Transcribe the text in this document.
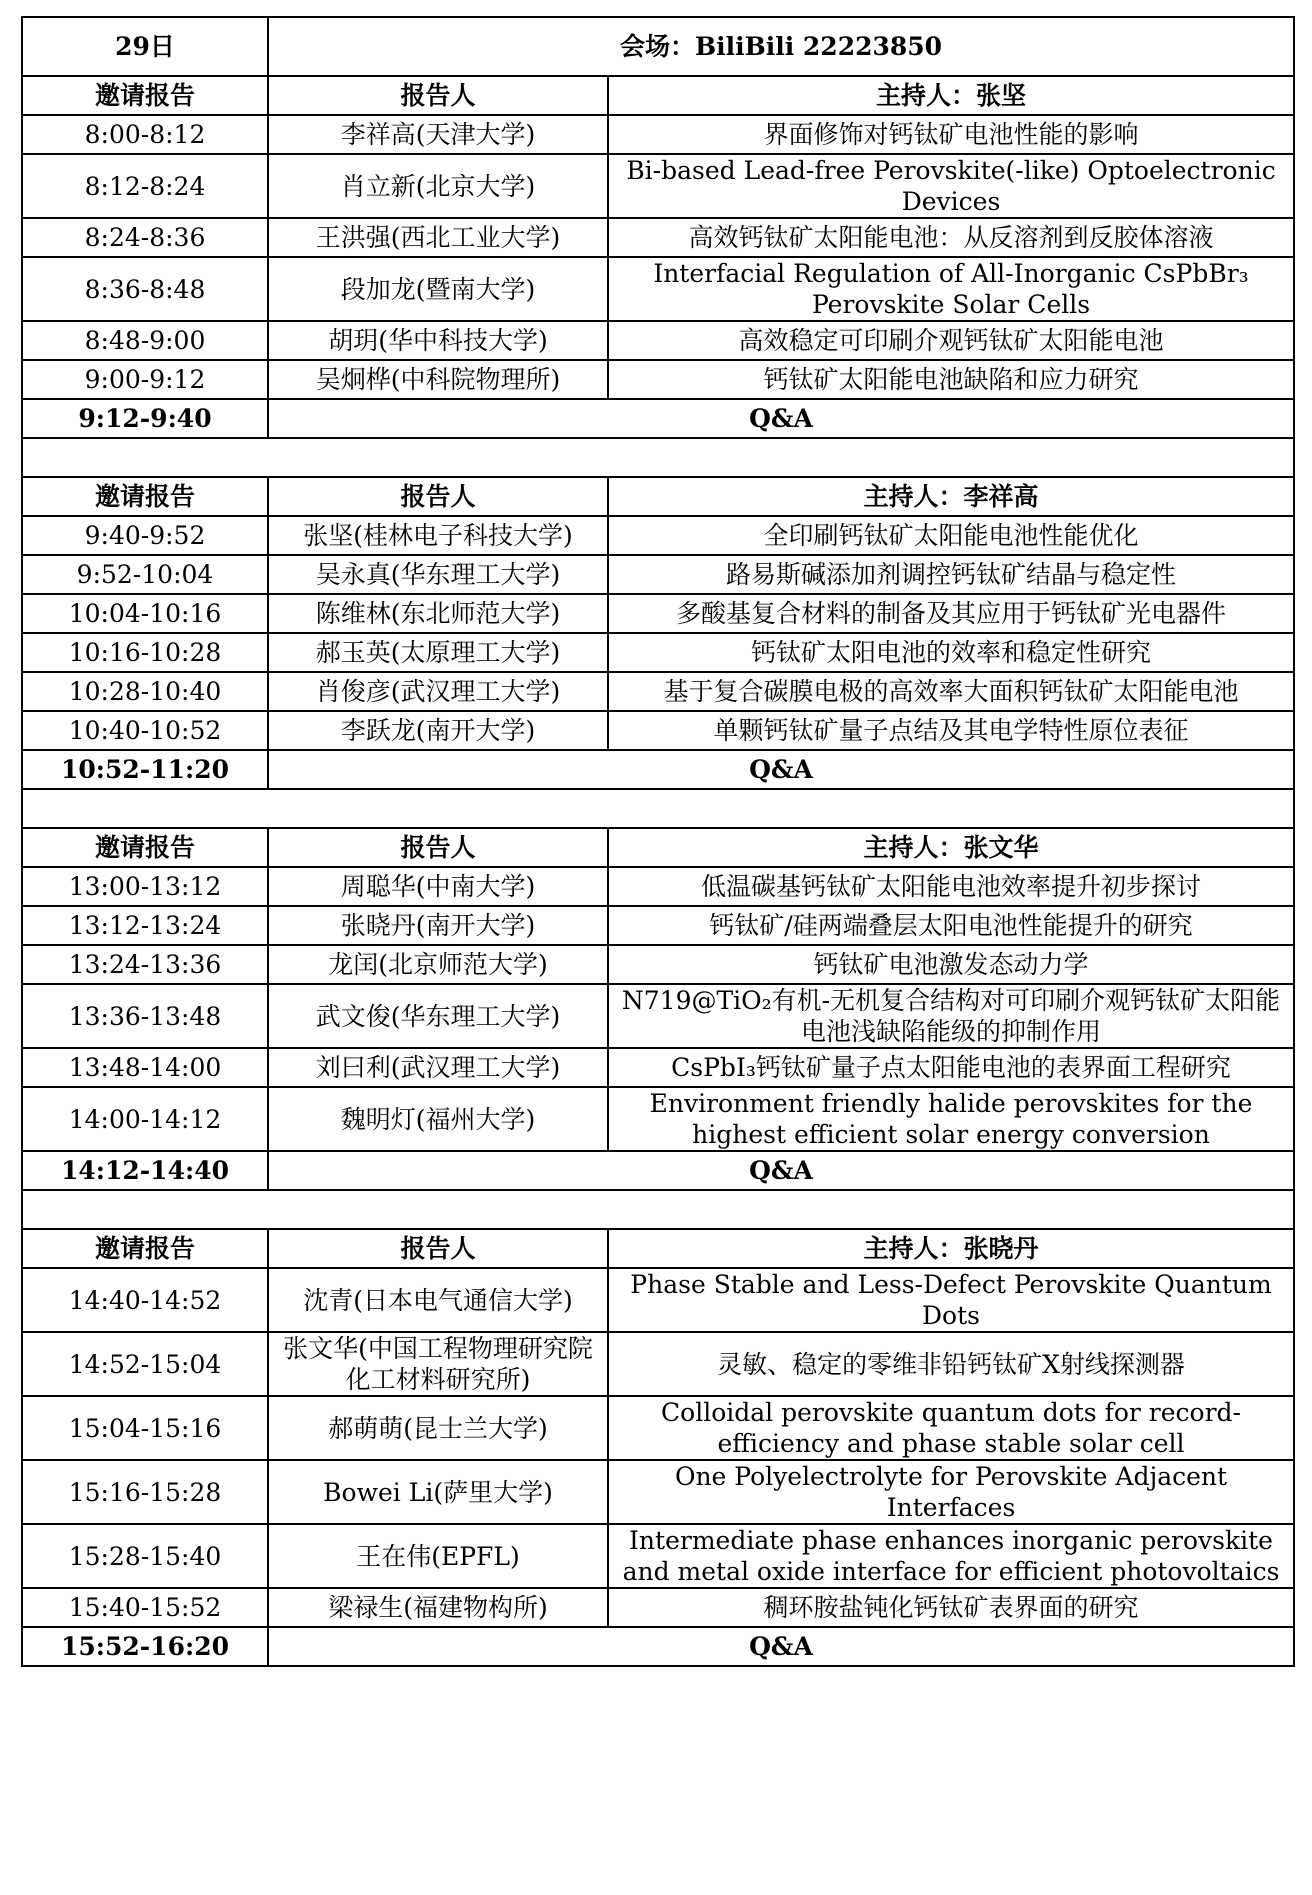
29日	会场：BiliBili 22223850	
邀请报告	报告人	主持人：张坚
8:00-8:12	李祥高(天津大学)	界面修饰对钙钛矿电池性能的影响
8:12-8:24	肖立新(北京大学)	Bi-based Lead-free Perovskite(-like) Optoelectronic Devices
8:24-8:36	王洪强(西北工业大学)	高效钙钛矿太阳能电池：从反溶剂到反胶体溶液
8:36-8:48	段加龙(暨南大学)	Interfacial Regulation of All-Inorganic CsPbBr₃ Perovskite Solar Cells
8:48-9:00	胡玥(华中科技大学)	高效稳定可印刷介观钙钛矿太阳能电池
9:00-9:12	吴炯桦(中科院物理所)	钙钛矿太阳能电池缺陷和应力研究
9:12-9:40	Q&A	

邀请报告	报告人	主持人：李祥高
9:40-9:52	张坚(桂林电子科技大学)	全印刷钙钛矿太阳能电池性能优化
9:52-10:04	吴永真(华东理工大学)	路易斯碱添加剂调控钙钛矿结晶与稳定性
10:04-10:16	陈维林(东北师范大学)	多酸基复合材料的制备及其应用于钙钛矿光电器件
10:16-10:28	郝玉英(太原理工大学)	钙钛矿太阳电池的效率和稳定性研究
10:28-10:40	肖俊彦(武汉理工大学)	基于复合碳膜电极的高效率大面积钙钛矿太阳能电池
10:40-10:52	李跃龙(南开大学)	单颗钙钛矿量子点结及其电学特性原位表征
10:52-11:20	Q&A	

邀请报告	报告人	主持人：张文华
13:00-13:12	周聪华(中南大学)	低温碳基钙钛矿太阳能电池效率提升初步探讨
13:12-13:24	张晓丹(南开大学)	钙钛矿/硅两端叠层太阳电池性能提升的研究
13:24-13:36	龙闰(北京师范大学)	钙钛矿电池激发态动力学
13:36-13:48	武文俊(华东理工大学)	N719@TiO₂有机-无机复合结构对可印刷介观钙钛矿太阳能电池浅缺陷能级的抑制作用
13:48-14:00	刘曰利(武汉理工大学)	CsPbI₃钙钛矿量子点太阳能电池的表界面工程研究
14:00-14:12	魏明灯(福州大学)	Environment friendly halide perovskites for the highest efficient solar energy conversion
14:12-14:40	Q&A	

邀请报告	报告人	主持人：张晓丹
14:40-14:52	沈青(日本电气通信大学)	Phase Stable and Less-Defect Perovskite Quantum Dots
14:52-15:04	张文华(中国工程物理研究院化工材料研究所)	灵敏、稳定的零维非铅钙钛矿X射线探测器
15:04-15:16	郝萌萌(昆士兰大学)	Colloidal perovskite quantum dots for record-efficiency and phase stable solar cell
15:16-15:28	Bowei Li(萨里大学)	One Polyelectrolyte for Perovskite Adjacent Interfaces
15:28-15:40	王在伟(EPFL)	Intermediate phase enhances inorganic perovskite and metal oxide interface for efficient photovoltaics
15:40-15:52	梁禄生(福建物构所)	稠环胺盐钝化钙钛矿表界面的研究
15:52-16:20	Q&A	
